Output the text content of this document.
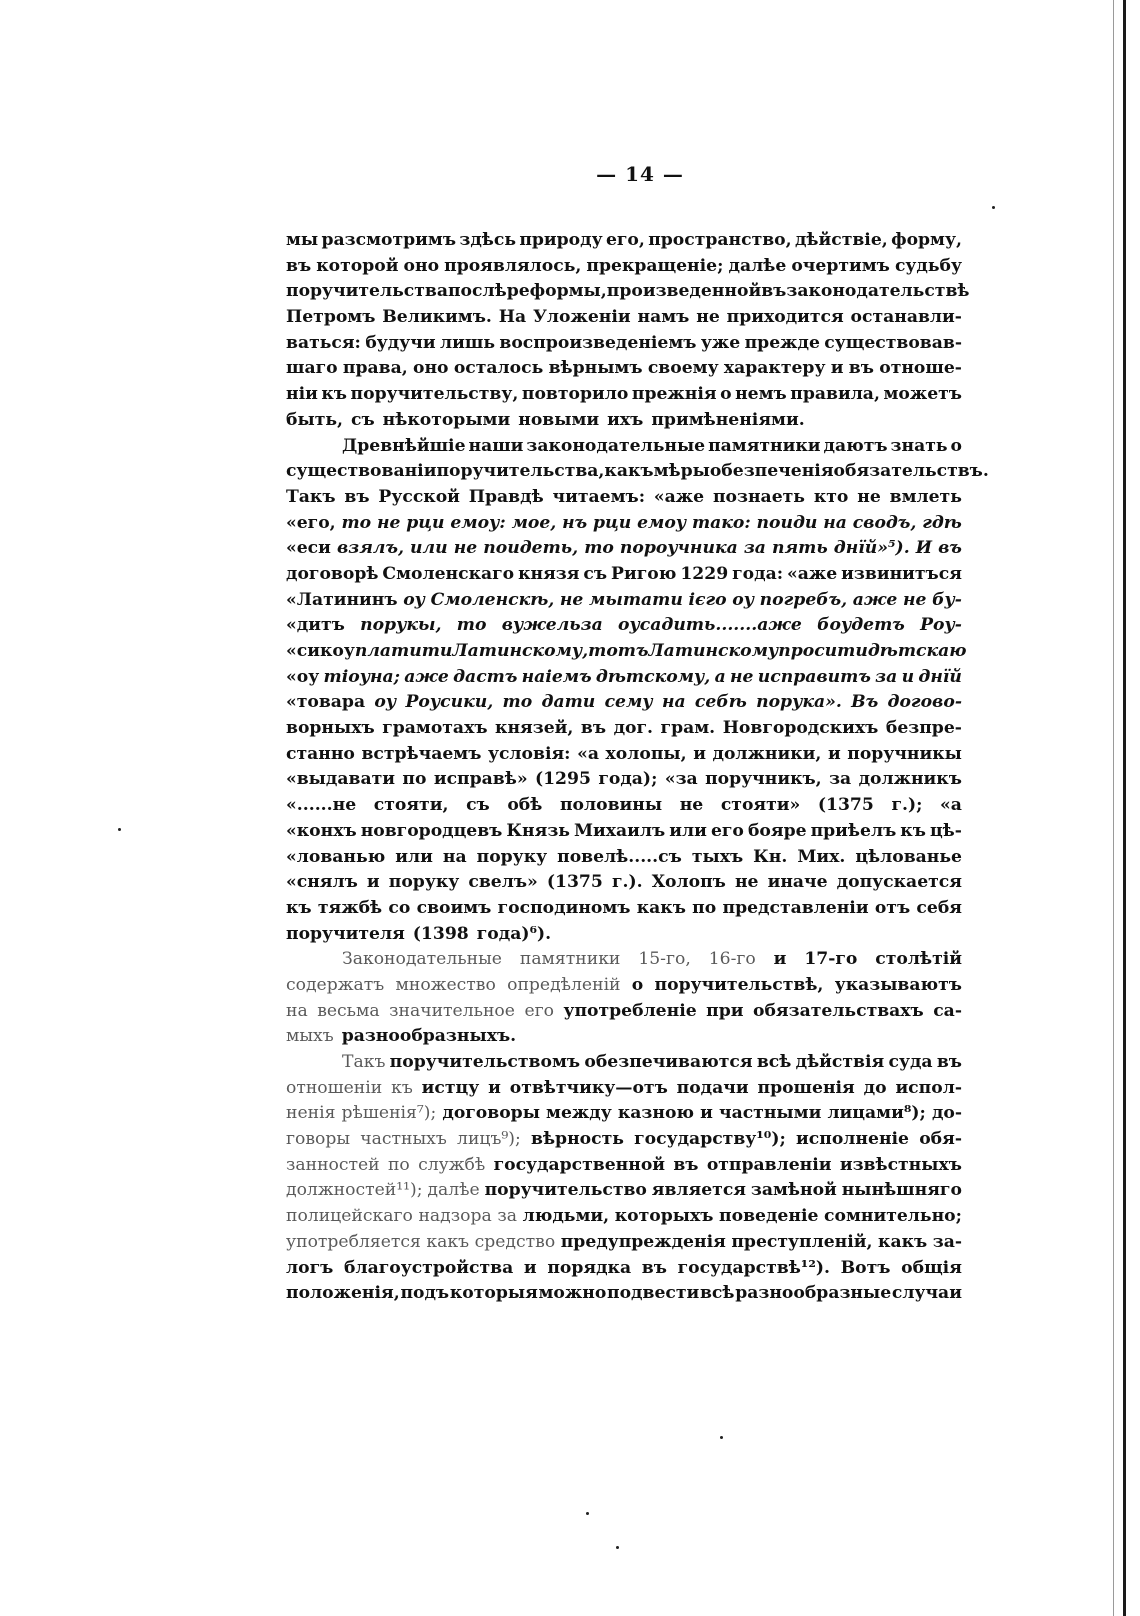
— 14 —
мы разсмотримъ здѣсь природу его, пространство, дѣйствіе, форму,
въ которой оно проявлялось, прекращеніе; далѣе очертимъ судьбу
поручительства послѣ реформы, произведенной въ законодательствѣ
Петромъ Великимъ. На Уложеніи намъ не приходится останавли-
ваться: будучи лишь воспроизведеніемъ уже прежде существовав-
шаго права, оно осталось вѣрнымъ своему характеру и въ отноше-
ніи къ поручительству, повторило прежнія о немъ правила, можетъ
быть, съ нѣкоторыми новыми ихъ примѣненіями.
Древнѣйшіе наши законодательные памятники даютъ знать о
существованіи поручительства, какъ мѣры обезпеченія обязательствъ.
Такъ въ Русской Правдѣ читаемъ: «аже познаеть кто не вмлеть
«его, то не рци емоу: мое, нъ рци емоу тако: поиди на сводъ, гдѣ
«еси взялъ, или не поидеть, то пороучника за пять днїй»⁵). И въ
договорѣ Смоленскаго князя съ Ригою 1229 года: «аже извинитъся
«Латининъ оу Смоленскѣ, не мытати ієго оу погребъ, аже не бу-
«дитъ порукы, то вужельза оусадить.......аже боудетъ Роу-
«сикоу платити Латинскому, то тъ Латинскому просити дѣтскаю
«оу тіоуна; аже дастъ наіемъ дѣтскому, а не исправитъ за и днїй
«товара оу Роусики, то дати сему на себѣ порука». Въ догово-
ворныхъ грамотахъ князей, въ дог. грам. Новгородскихъ безпре-
станно встрѣчаемъ условія: «а холопы, и должники, и поручникы
«выдавати по исправѣ» (1295 года); «за поручникъ, за должникъ
«......не стояти, съ обѣ половины не стояти» (1375 г.); «а
«конхъ новгородцевъ Князь Михаилъ или его боярe приѣелъ къ цѣ-
«лованью или на поруку повелѣ.....съ тыхъ Кн. Мих. цѣлованье
«снялъ и поруку свелъ» (1375 г.). Холопъ не иначе допускается
къ тяжбѣ со своимъ господиномъ какъ по представленіи отъ себя
поручителя (1398 года)⁶).
Законодательные памятники 15-го, 16-го и 17-го столѣтій
содержатъ множество опредѣленій о поручительствѣ, указываютъ
на весьма значительное его употребленіе при обязательствахъ са-
мыхъ разнообразныхъ.
Такъ поручительствомъ обезпечиваются всѣ дѣйствія суда въ
отношеніи къ истцу и отвѣтчику—отъ подачи прошенія до испол-
ненія рѣшенія⁷); договоры между казною и частными лицами⁸); до-
говоры частныхъ лицъ⁹); вѣрность государству¹⁰); исполненіе обя-
занностей по службѣ государственной въ отправленіи извѣстныхъ
должностей¹¹); далѣе поручительство является замѣной нынѣшняго
полицейскаго надзора за людьми, которыхъ поведеніе сомнительно;
употребляется какъ средство предупрежденія преступленій, какъ за-
логъ благоустройства и порядка въ государствѣ¹²). Вотъ общія
положенія, подъ которыя можно подвести всѣ разнообразные случаи
